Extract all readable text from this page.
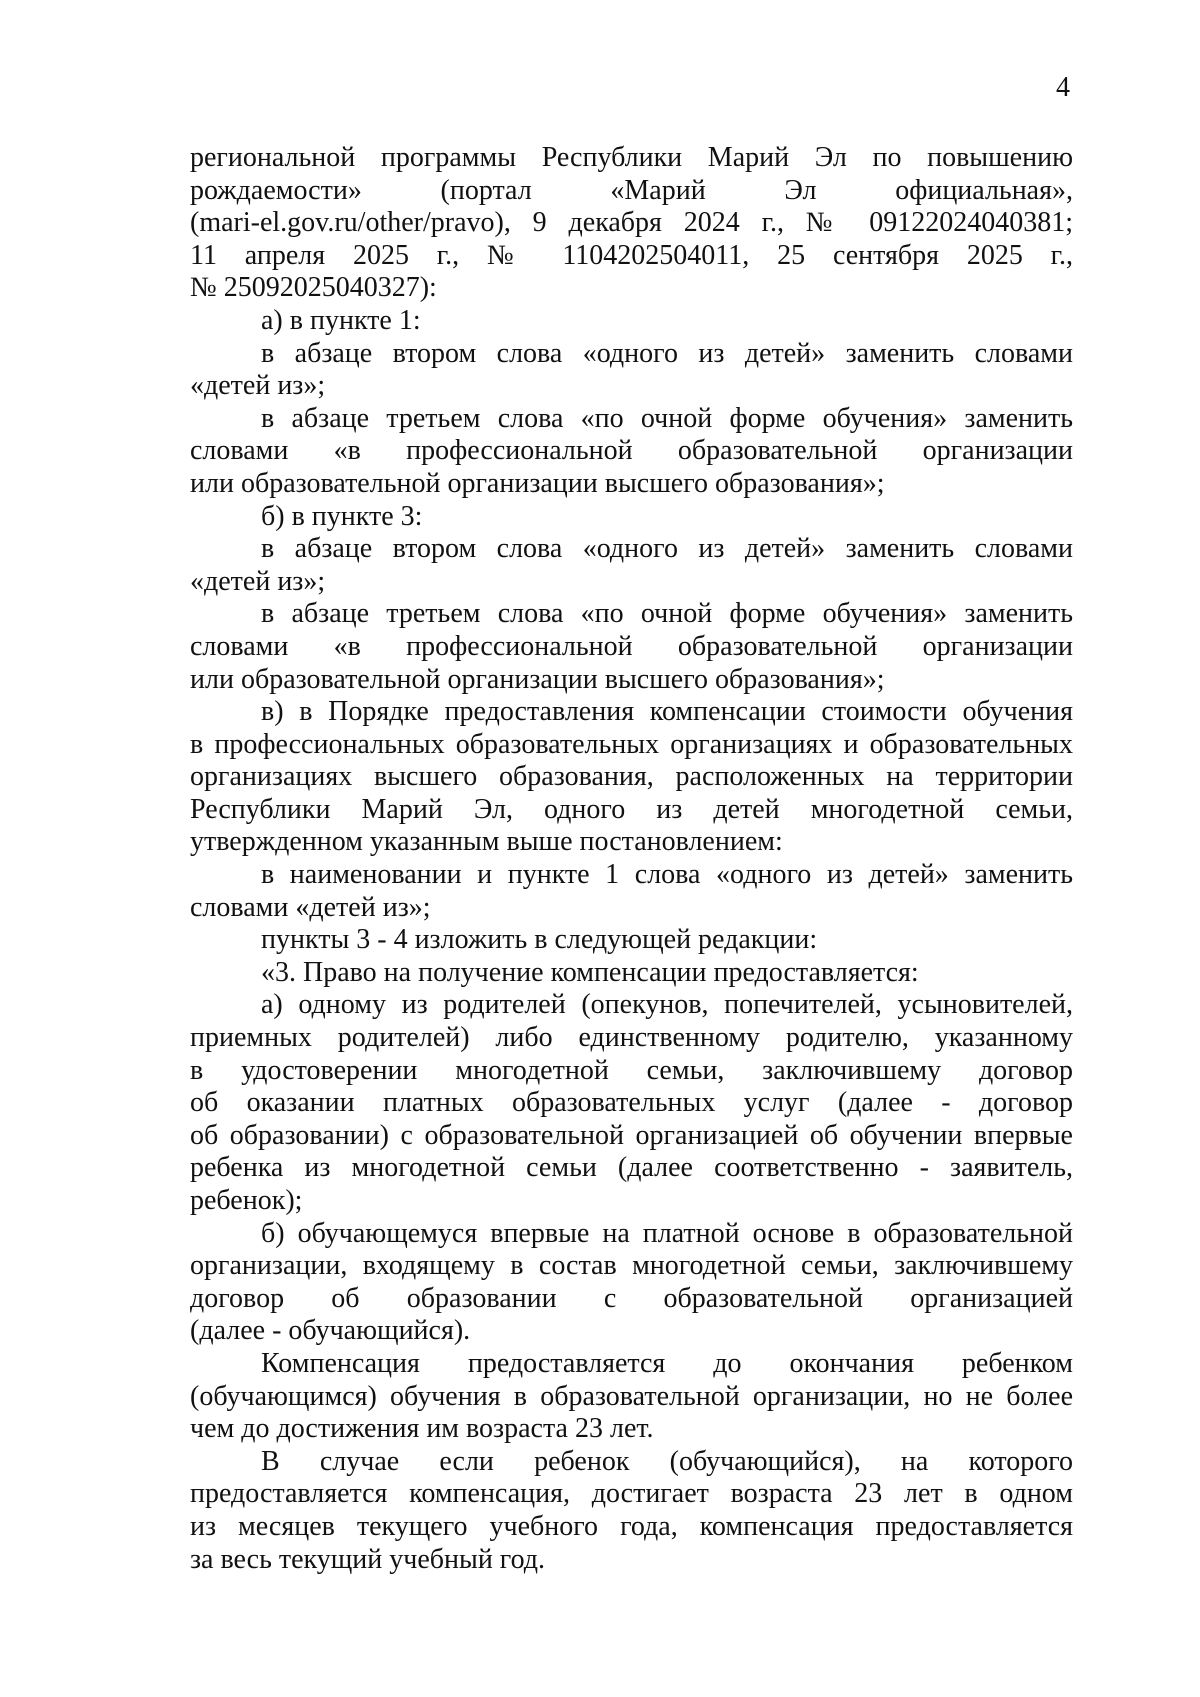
4
региональной программы Республики Марий Эл по повышению
рождаемости» (портал «Марий Эл официальная»,
(mari-el.gov.ru/other/pravo), 9 декабря 2024 г., № 09122024040381;
11 апреля 2025 г., № 1104202504011, 25 сентября 2025 г.,
№ 25092025040327):
а) в пункте 1:
в абзаце втором слова «одного из детей» заменить словами
«детей из»;
в абзаце третьем слова «по очной форме обучения» заменить
словами «в профессиональной образовательной организации
или образовательной организации высшего образования»;
б) в пункте 3:
в абзаце втором слова «одного из детей» заменить словами
«детей из»;
в абзаце третьем слова «по очной форме обучения» заменить
словами «в профессиональной образовательной организации
или образовательной организации высшего образования»;
в) в Порядке предоставления компенсации стоимости обучения
в профессиональных образовательных организациях и образовательных
организациях высшего образования, расположенных на территории
Республики Марий Эл, одного из детей многодетной семьи,
утвержденном указанным выше постановлением:
в наименовании и пункте 1 слова «одного из детей» заменить
словами «детей из»;
пункты 3 - 4 изложить в следующей редакции:
«3. Право на получение компенсации предоставляется:
а) одному из родителей (опекунов, попечителей, усыновителей,
приемных родителей) либо единственному родителю, указанному
в удостоверении многодетной семьи, заключившему договор
об оказании платных образовательных услуг (далее - договор
об образовании) с образовательной организацией об обучении впервые
ребенка из многодетной семьи (далее соответственно - заявитель,
ребенок);
б) обучающемуся впервые на платной основе в образовательной
организации, входящему в состав многодетной семьи, заключившему
договор об образовании с образовательной организацией
(далее - обучающийся).
Компенсация предоставляется до окончания ребенком
(обучающимся) обучения в образовательной организации, но не более
чем до достижения им возраста 23 лет.
В случае если ребенок (обучающийся), на которого
предоставляется компенсация, достигает возраста 23 лет в одном
из месяцев текущего учебного года, компенсация предоставляется
за весь текущий учебный год.
